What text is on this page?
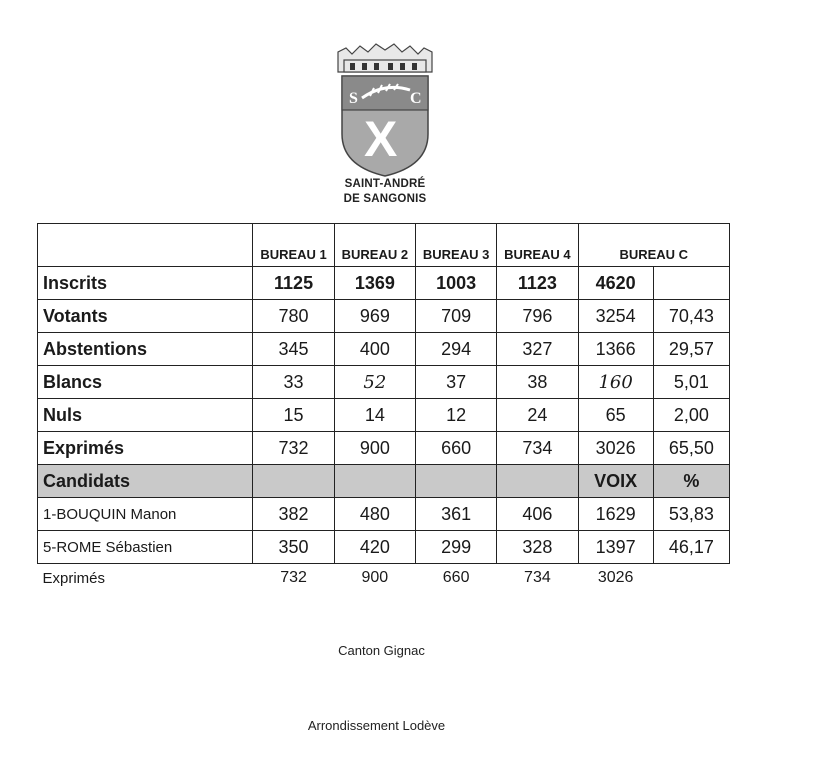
S	C
X
SAINT-ANDRÉ
DE SANGONIS
	BUREAU 1	BUREAU 2	BUREAU 3	BUREAU 4	BUREAU C	
Inscrits	1125	1369	1003	1123	4620	
Votants	780	969	709	796	3254	70,43
Abstentions	345	400	294	327	1366	29,57
Blancs	33	52	37	38	160	5,01
Nuls	15	14	12	24	65	2,00
Exprimés	732	900	660	734	3026	65,50
Candidats					VOIX	%
1-BOUQUIN Manon	382	480	361	406	1629	53,83
5-ROME Sébastien	350	420	299	328	1397	46,17
Exprimés	732	900	660	734	3026	
Canton Gignac
Arrondissement Lodève
